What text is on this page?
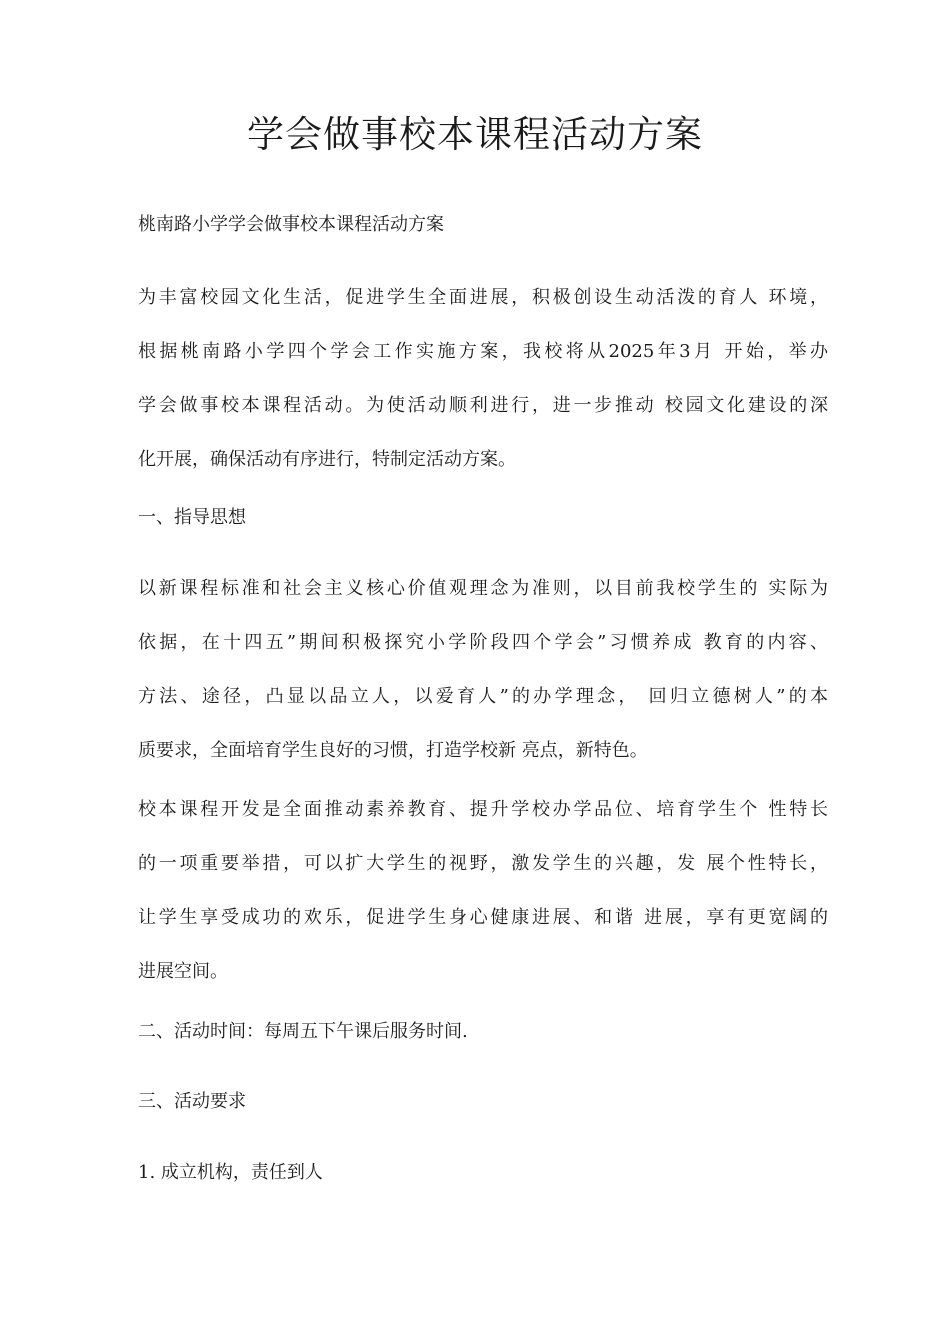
学会做事校本课程活动方案

桃南路小学学会做事校本课程活动方案

为丰富校园文化生活，促进学生全面进展，积极创设生动活泼的育人 环境，
根据桃南路小学四个学会工作实施方案，我校将从2025年3月 开始，举办
学会做事校本课程活动。为使活动顺利进行，进一步推动 校园文化建设的深
化开展，确保活动有序进行，特制定活动方案。

一、指导思想

以新课程标准和社会主义核心价值观理念为准则，以目前我校学生的 实际为
依据，在十四五”期间积极探究小学阶段四个学会”习惯养成 教育的内容、
方法、途径，凸显以品立人，以爱育人”的办学理念， 回归立德树人”的本
质要求，全面培育学生良好的习惯，打造学校新 亮点，新特色。
校本课程开发是全面推动素养教育、提升学校办学品位、培育学生个 性特长
的一项重要举措，可以扩大学生的视野，激发学生的兴趣，发 展个性特长，
让学生享受成功的欢乐，促进学生身心健康进展、和谐 进展，享有更宽阔的
进展空间。

二、活动时间：每周五下午课后服务时间.

三、活动要求

1. 成立机构，责任到人
